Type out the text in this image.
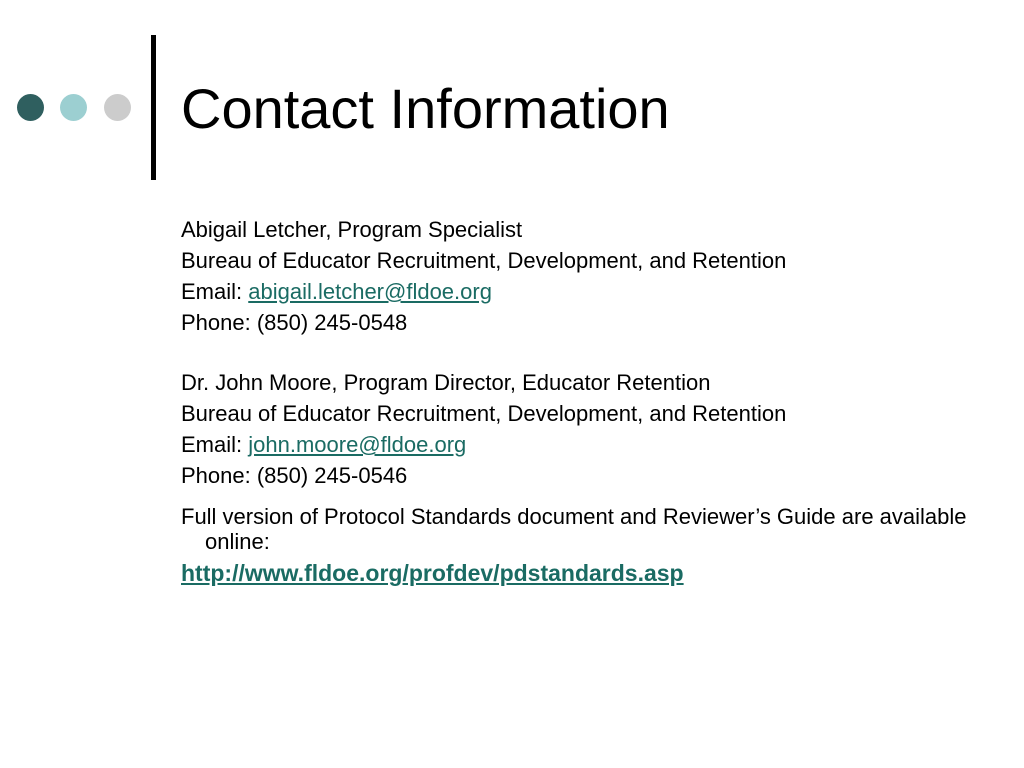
Contact Information
Abigail Letcher, Program Specialist
Bureau of Educator Recruitment, Development, and Retention
Email: abigail.letcher@fldoe.org
Phone: (850) 245-0548
Dr. John Moore, Program Director, Educator Retention
Bureau of Educator Recruitment, Development, and Retention
Email: john.moore@fldoe.org
Phone: (850) 245-0546
Full version of Protocol Standards document and Reviewer’s Guide are available online:
http://www.fldoe.org/profdev/pdstandards.asp
